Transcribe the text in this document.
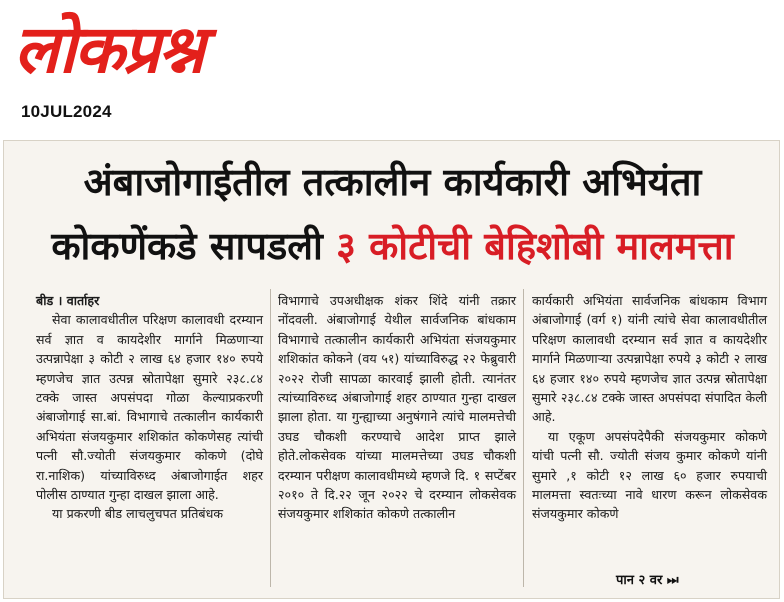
लोकप्रश्न
10JUL2024
अंबाजोगाईतील तत्कालीन कार्यकारी अभियंता
कोकणेंकडे सापडली ३ कोटीची बेहिशोबी मालमत्ता

बीड । वार्ताहर

सेवा कालावधीतील परिक्षण कालावधी दरम्यान सर्व ज्ञात व कायदेशीर मार्गाने मिळणाऱ्या उत्पन्नापेक्षा ३ कोटी २ लाख ६४ हजार १४० रुपये म्हणजेच ज्ञात उत्पन्न स्रोतापेक्षा सुमारे २३८.८४ टक्के जास्त अपसंपदा गोळा केल्याप्रकरणी अंबाजोगाई सा.बां. विभागाचे तत्कालीन कार्यकारी अभियंता संजयकुमार शशिकांत कोकणेसह त्यांची पत्नी सौ.ज्योती संजयकुमार कोकणे (दोघे रा.नाशिक) यांच्याविरुध्द अंबाजोगाईत शहर पोलीस ठाण्यात गुन्हा दाखल झाला आहे.

या प्रकरणी बीड लाचलुचपत प्रतिबंधक

विभागाचे उपअधीक्षक शंकर शिंदे यांनी तक्रार नोंदवली. अंबाजोगाई येथील सार्वजनिक बांधकाम विभागाचे तत्कालीन कार्यकारी अभियंता संजयकुमार शशिकांत कोकने (वय ५१) यांच्याविरुद्ध २२ फेब्रुवारी २०२२ रोजी सापळा कारवाई झाली होती. त्यानंतर त्यांच्याविरुध्द अंबाजोगाई शहर ठाण्यात गुन्हा दाखल झाला होता. या गुन्ह्याच्या अनुषंगाने त्यांचे मालमत्तेची उघड चौकशी करण्याचे आदेश प्राप्त झाले होते.लोकसेवक यांच्या मालमत्तेच्या उघड चौकशी दरम्यान परीक्षण कालावधीमध्ये म्हणजे दि. १ सप्टेंबर २०१० ते दि.२२ जून २०२२ चे दरम्यान लोकसेवक संजयकुमार शशिकांत कोकणे तत्कालीन

कार्यकारी अभियंता सार्वजनिक बांधकाम विभाग अंबाजोगाई (वर्ग १) यांनी त्यांचे सेवा कालावधीतील परिक्षण कालावधी दरम्यान सर्व ज्ञात व कायदेशीर मार्गाने मिळणाऱ्या उत्पन्नापेक्षा रुपये ३ कोटी २ लाख ६४ हजार १४० रुपये म्हणजेच ज्ञात उत्पन्न स्रोतापेक्षा सुमारे २३८.८४ टक्के जास्त अपसंपदा संपादित केली आहे.

या एकूण अपसंपदेपैकी संजयकुमार कोकणे यांची पत्नी सौ. ज्योती संजय कुमार कोकणे यांनी सुमारे ,१ कोटी १२ लाख ६० हजार रुपयाची मालमत्ता स्वतःच्या नावे धारण करून लोकसेवक संजयकुमार कोकणे

पान २ वर ⏭
